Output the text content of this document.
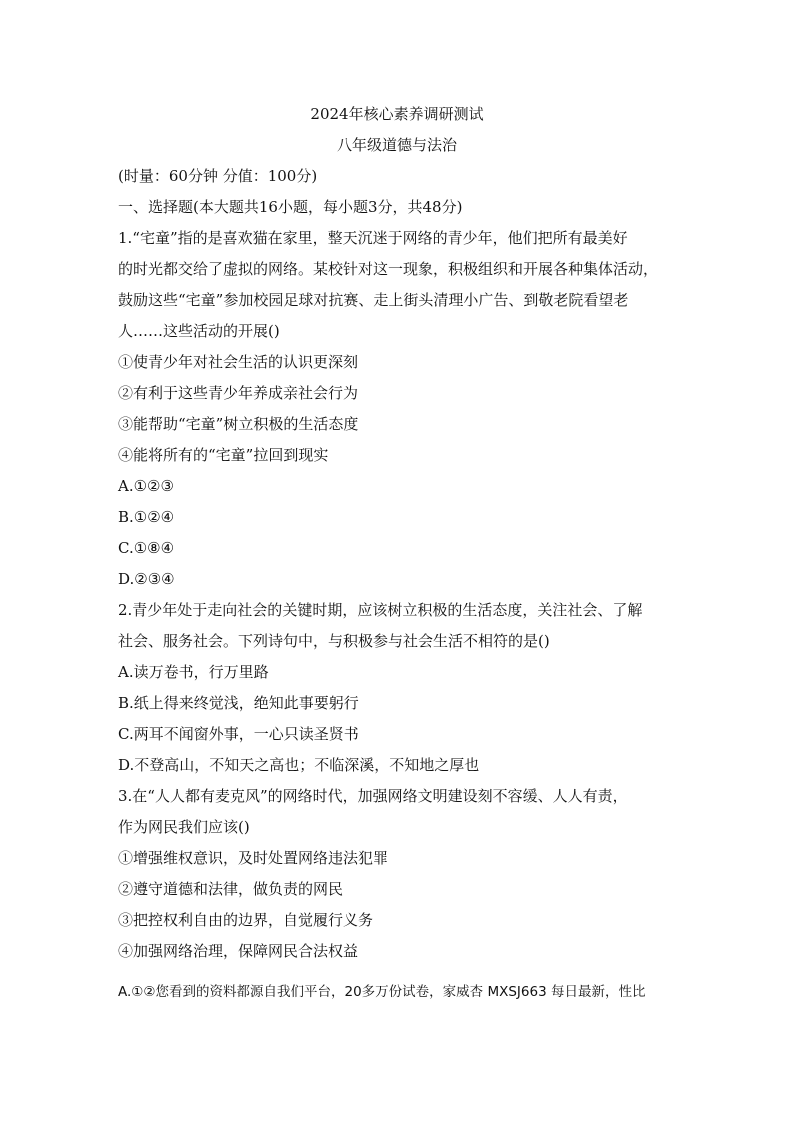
2024年核心素养调研测试
八年级道德与法治
(时量：60分钟 分值：100分)
一、选择题(本大题共16小题，每小题3分，共48分)
1.“宅童”指的是喜欢猫在家里，整天沉迷于网络的青少年，他们把所有最美好
的时光都交给了虚拟的网络。某校针对这一现象，积极组织和开展各种集体活动，
鼓励这些“宅童”参加校园足球对抗赛、走上街头清理小广告、到敬老院看望老
人……这些活动的开展()
①使青少年对社会生活的认识更深刻
②有利于这些青少年养成亲社会行为
③能帮助“宅童”树立积极的生活态度
④能将所有的“宅童”拉回到现实
A.①②③
B.①②④
C.①⑧④
D.②③④
2.青少年处于走向社会的关键时期，应该树立积极的生活态度，关注社会、了解
社会、服务社会。下列诗句中，与积极参与社会生活不相符的是()
A.读万卷书，行万里路
B.纸上得来终觉浅，绝知此事要躬行
C.两耳不闻窗外事，一心只读圣贤书
D.不登高山，不知天之高也；不临深溪，不知地之厚也
3.在“人人都有麦克风”的网络时代，加强网络文明建设刻不容缓、人人有责，
作为网民我们应该()
①增强维权意识，及时处置网络违法犯罪
②遵守道德和法律，做负责的网民
③把控权利自由的边界，自觉履行义务
④加强网络治理，保障网民合法权益
A.①②您看到的资料都源自我们平台，20多万份试卷，家威杏 MXSJ663 每日最新，性比
